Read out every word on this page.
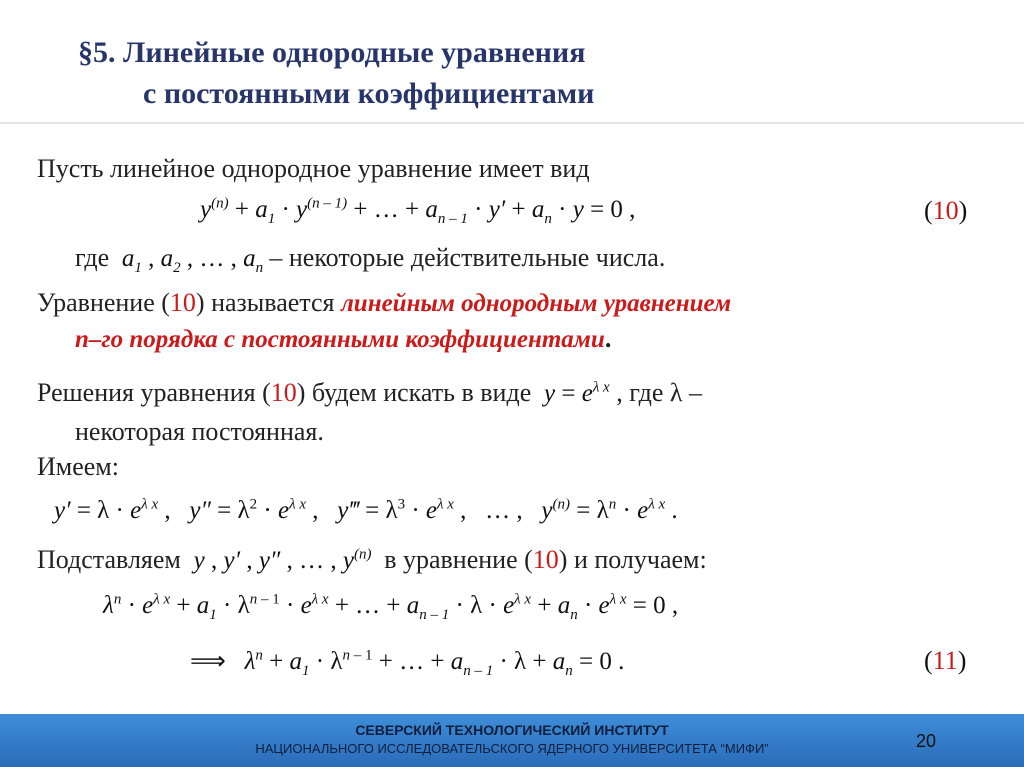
§5. Линейные однородные уравнения
с постоянными коэффициентами
Пусть линейное однородное уравнение имеет вид
$y^{(n)} + a_1 \cdot y^{(n - 1)}$ + … + $a_{n - 1} \cdot y' + a_n \cdot y = 0$ ,	(10)
где  $a_1$ , $a_2$ , … , $a_n$ – некоторые действительные числа.
Уравнение (10) называется линейным однородным уравнением
n–го порядка с постоянными коэффициентами.
Решения уравнения (10) будем искать в виде  $y = e^{\lambda x}$ , где λ –
некоторая постоянная.
Имеем:
$y' = \lambda \cdot e^{\lambda x}$ ,   $y'' = \lambda^2 \cdot e^{\lambda x}$ ,   y‴ = $\lambda^3 \cdot e^{\lambda x}$ , … ,   $y^{(n)} = \lambda^n \cdot e^{\lambda x}$ .
Подставляем  y , y′ , y″ , … , $y^{(n)}$ в уравнение (10) и получаем:
$\lambda^n \cdot e^{\lambda x} + a_1 \cdot \lambda^{n - 1} \cdot e^{\lambda x}$ + … + $a_{n - 1} \cdot \lambda \cdot e^{\lambda x} + a_n \cdot e^{\lambda x} = 0$ ,
⟹   $\lambda^n + a_1 \cdot \lambda^{n - 1}$ + … + $a_{n - 1} \cdot \lambda + a_n = 0$ .	(11)
СЕВЕРСКИЙ ТЕХНОЛОГИЧЕСКИЙ ИНСТИТУТ
НАЦИОНАЛЬНОГО ИССЛЕДОВАТЕЛЬСКОГО ЯДЕРНОГО УНИВЕРСИТЕТА “МИФИ”	20
